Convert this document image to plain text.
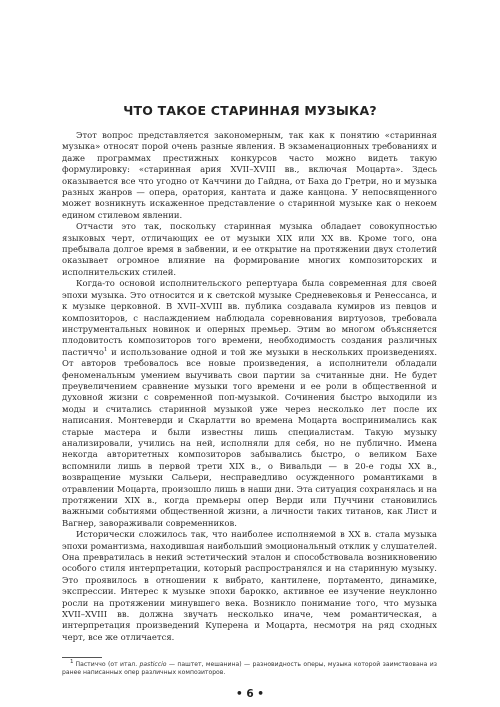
ЧТО ТАКОЕ СТАРИННАЯ МУЗЫКА?

Этот вопрос представляется закономерным, так как к понятию «старинная музыка» относят порой очень разные явления. В экзаменационных требованиях и даже программах престижных конкурсов часто можно видеть такую формулировку: «старинная ария XVII–XVIII вв., включая Моцарта». Здесь оказывается все что угодно от Каччини до Гайдна, от Баха до Гретри, но и музыка разных жанров — опера, оратория, кантата и даже канцона. У непосвященного может возникнуть искаженное представление о старинной музыке как о некоем едином стилевом явлении.

Отчасти это так, поскольку старинная музыка обладает совокупностью языковых черт, отличающих ее от музыки XIX или XX вв. Кроме того, она пребывала долгое время в забвении, и ее открытие на протяжении двух столетий оказывает огромное влияние на формирование многих композиторских и исполнительских стилей.

Когда-то основой исполнительского репертуара была современная для своей эпохи музыка. Это относится и к светской музыке Средневековья и Ренессанса, и к музыке церковной. В XVII–XVIII вв. публика создавала кумиров из певцов и композиторов, с наслаждением наблюдала соревнования виртуозов, требовала инструментальных новинок и оперных премьер. Этим во многом объясняется плодовитость композиторов того времени, необходимость создания различных пастиччо$^1$ и использование одной и той же музыки в нескольких произведениях. От авторов требовалось все новые произведения, а исполнители обладали феноменальным умением выучивать свои партии за считанные дни. Не будет преувеличением сравнение музыки того времени и ее роли в общественной и духовной жизни с современной поп-музыкой. Сочинения быстро выходили из моды и считались старинной музыкой уже через несколько лет после их написания. Монтеверди и Скарлатти во времена Моцарта воспринимались как старые мастера и были известны лишь специалистам. Такую музыку анализировали, учились на ней, исполняли для себя, но не публично. Имена некогда авторитетных композиторов забывались быстро, о великом Бахе вспомнили лишь в первой трети XIX в., о Вивальди — в 20-е годы XX в., возвращение музыки Сальери, несправедливо осужденного романтиками в отравлении Моцарта, произошло лишь в наши дни. Эта ситуация сохранялась и на протяжении XIX в., когда премьеры опер Верди или Пуччини становились важными событиями общественной жизни, а личности таких титанов, как Лист и Вагнер, завораживали современников.

Исторически сложилось так, что наиболее исполняемой в XX в. стала музыка эпохи романтизма, находившая наибольший эмоциональный отклик у слушателей. Она превратилась в некий эстетический эталон и способствовала возникновению особого стиля интерпретации, который распространялся и на старинную музыку. Это проявилось в отношении к вибрато, кантилене, портаменто, динамике, экспрессии. Интерес к музыке эпохи барокко, активное ее изучение неуклонно росли на протяжении минувшего века. Возникло понимание того, что музыка XVII–XVIII вв. должна звучать несколько иначе, чем романтическая, а интерпретация произведений Куперена и Моцарта, несмотря на ряд сходных черт, все же отличается.

$^1$ Пастиччо (от итал. pasticcio — паштет, мешанина) — разновидность оперы, музыка которой заимствована из ранее написанных опер различных композиторов.
• 6 •
